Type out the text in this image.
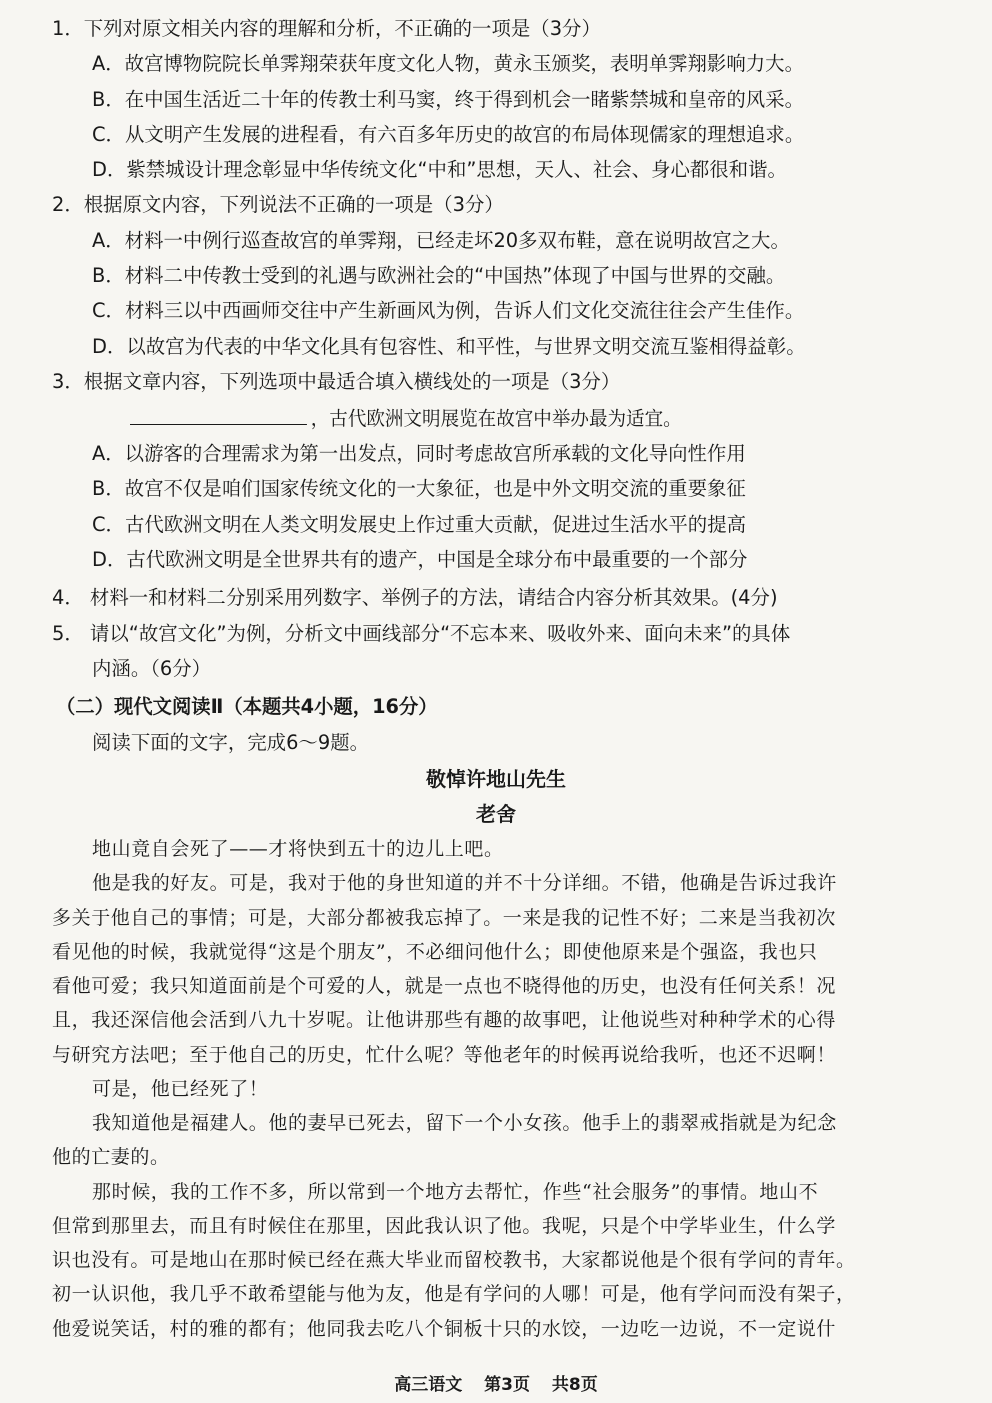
1．下列对原文相关内容的理解和分析，不正确的一项是（3分）
A．故宫博物院院长单霁翔荣获年度文化人物，黄永玉颁奖，表明单霁翔影响力大。
B．在中国生活近二十年的传教士利马窦，终于得到机会一睹紫禁城和皇帝的风采。
C．从文明产生发展的进程看，有六百多年历史的故宫的布局体现儒家的理想追求。
D．紫禁城设计理念彰显中华传统文化“中和”思想，天人、社会、身心都很和谐。
2．根据原文内容，下列说法不正确的一项是（3分）
A．材料一中例行巡查故宫的单霁翔，已经走坏20多双布鞋，意在说明故宫之大。
B．材料二中传教士受到的礼遇与欧洲社会的“中国热”体现了中国与世界的交融。
C．材料三以中西画师交往中产生新画风为例，告诉人们文化交流往往会产生佳作。
D．以故宫为代表的中华文化具有包容性、和平性，与世界文明交流互鉴相得益彰。
3．根据文章内容，下列选项中最适合填入横线处的一项是（3分）
，古代欧洲文明展览在故宫中举办最为适宜。
A．以游客的合理需求为第一出发点，同时考虑故宫所承载的文化导向性作用
B．故宫不仅是咱们国家传统文化的一大象征，也是中外文明交流的重要象征
C．古代欧洲文明在人类文明发展史上作过重大贡献，促进过生活水平的提高
D．古代欧洲文明是全世界共有的遗产，中国是全球分布中最重要的一个部分
4． 材料一和材料二分别采用列数字、举例子的方法，请结合内容分析其效果。(4分)
5． 请以“故宫文化”为例，分析文中画线部分“不忘本来、吸收外来、面向未来”的具体
内涵。（6分）
（二）现代文阅读Ⅱ（本题共4小题，16分）
阅读下面的文字，完成6～9题。
敬悼许地山先生
老舍
地山竟自会死了——才将快到五十的边儿上吧。
他是我的好友。可是，我对于他的身世知道的并不十分详细。不错，他确是告诉过我许
多关于他自己的事情；可是，大部分都被我忘掉了。一来是我的记性不好；二来是当我初次
看见他的时候，我就觉得“这是个朋友”，不必细问他什么；即使他原来是个强盗，我也只
看他可爱；我只知道面前是个可爱的人，就是一点也不晓得他的历史，也没有任何关系！况
且，我还深信他会活到八九十岁呢。让他讲那些有趣的故事吧，让他说些对种种学术的心得
与研究方法吧；至于他自己的历史，忙什么呢？等他老年的时候再说给我听，也还不迟啊！
可是，他已经死了！
我知道他是福建人。他的妻早已死去，留下一个小女孩。他手上的翡翠戒指就是为纪念
他的亡妻的。
那时候，我的工作不多，所以常到一个地方去帮忙，作些“社会服务”的事情。地山不
但常到那里去，而且有时候住在那里，因此我认识了他。我呢，只是个中学毕业生，什么学
识也没有。可是地山在那时候已经在燕大毕业而留校教书，大家都说他是个很有学问的青年。
初一认识他，我几乎不敢希望能与他为友，他是有学问的人哪！可是，他有学问而没有架子，
他爱说笑话，村的雅的都有；他同我去吃八个铜板十只的水饺，一边吃一边说，不一定说什
高三语文 第3页 共8页
